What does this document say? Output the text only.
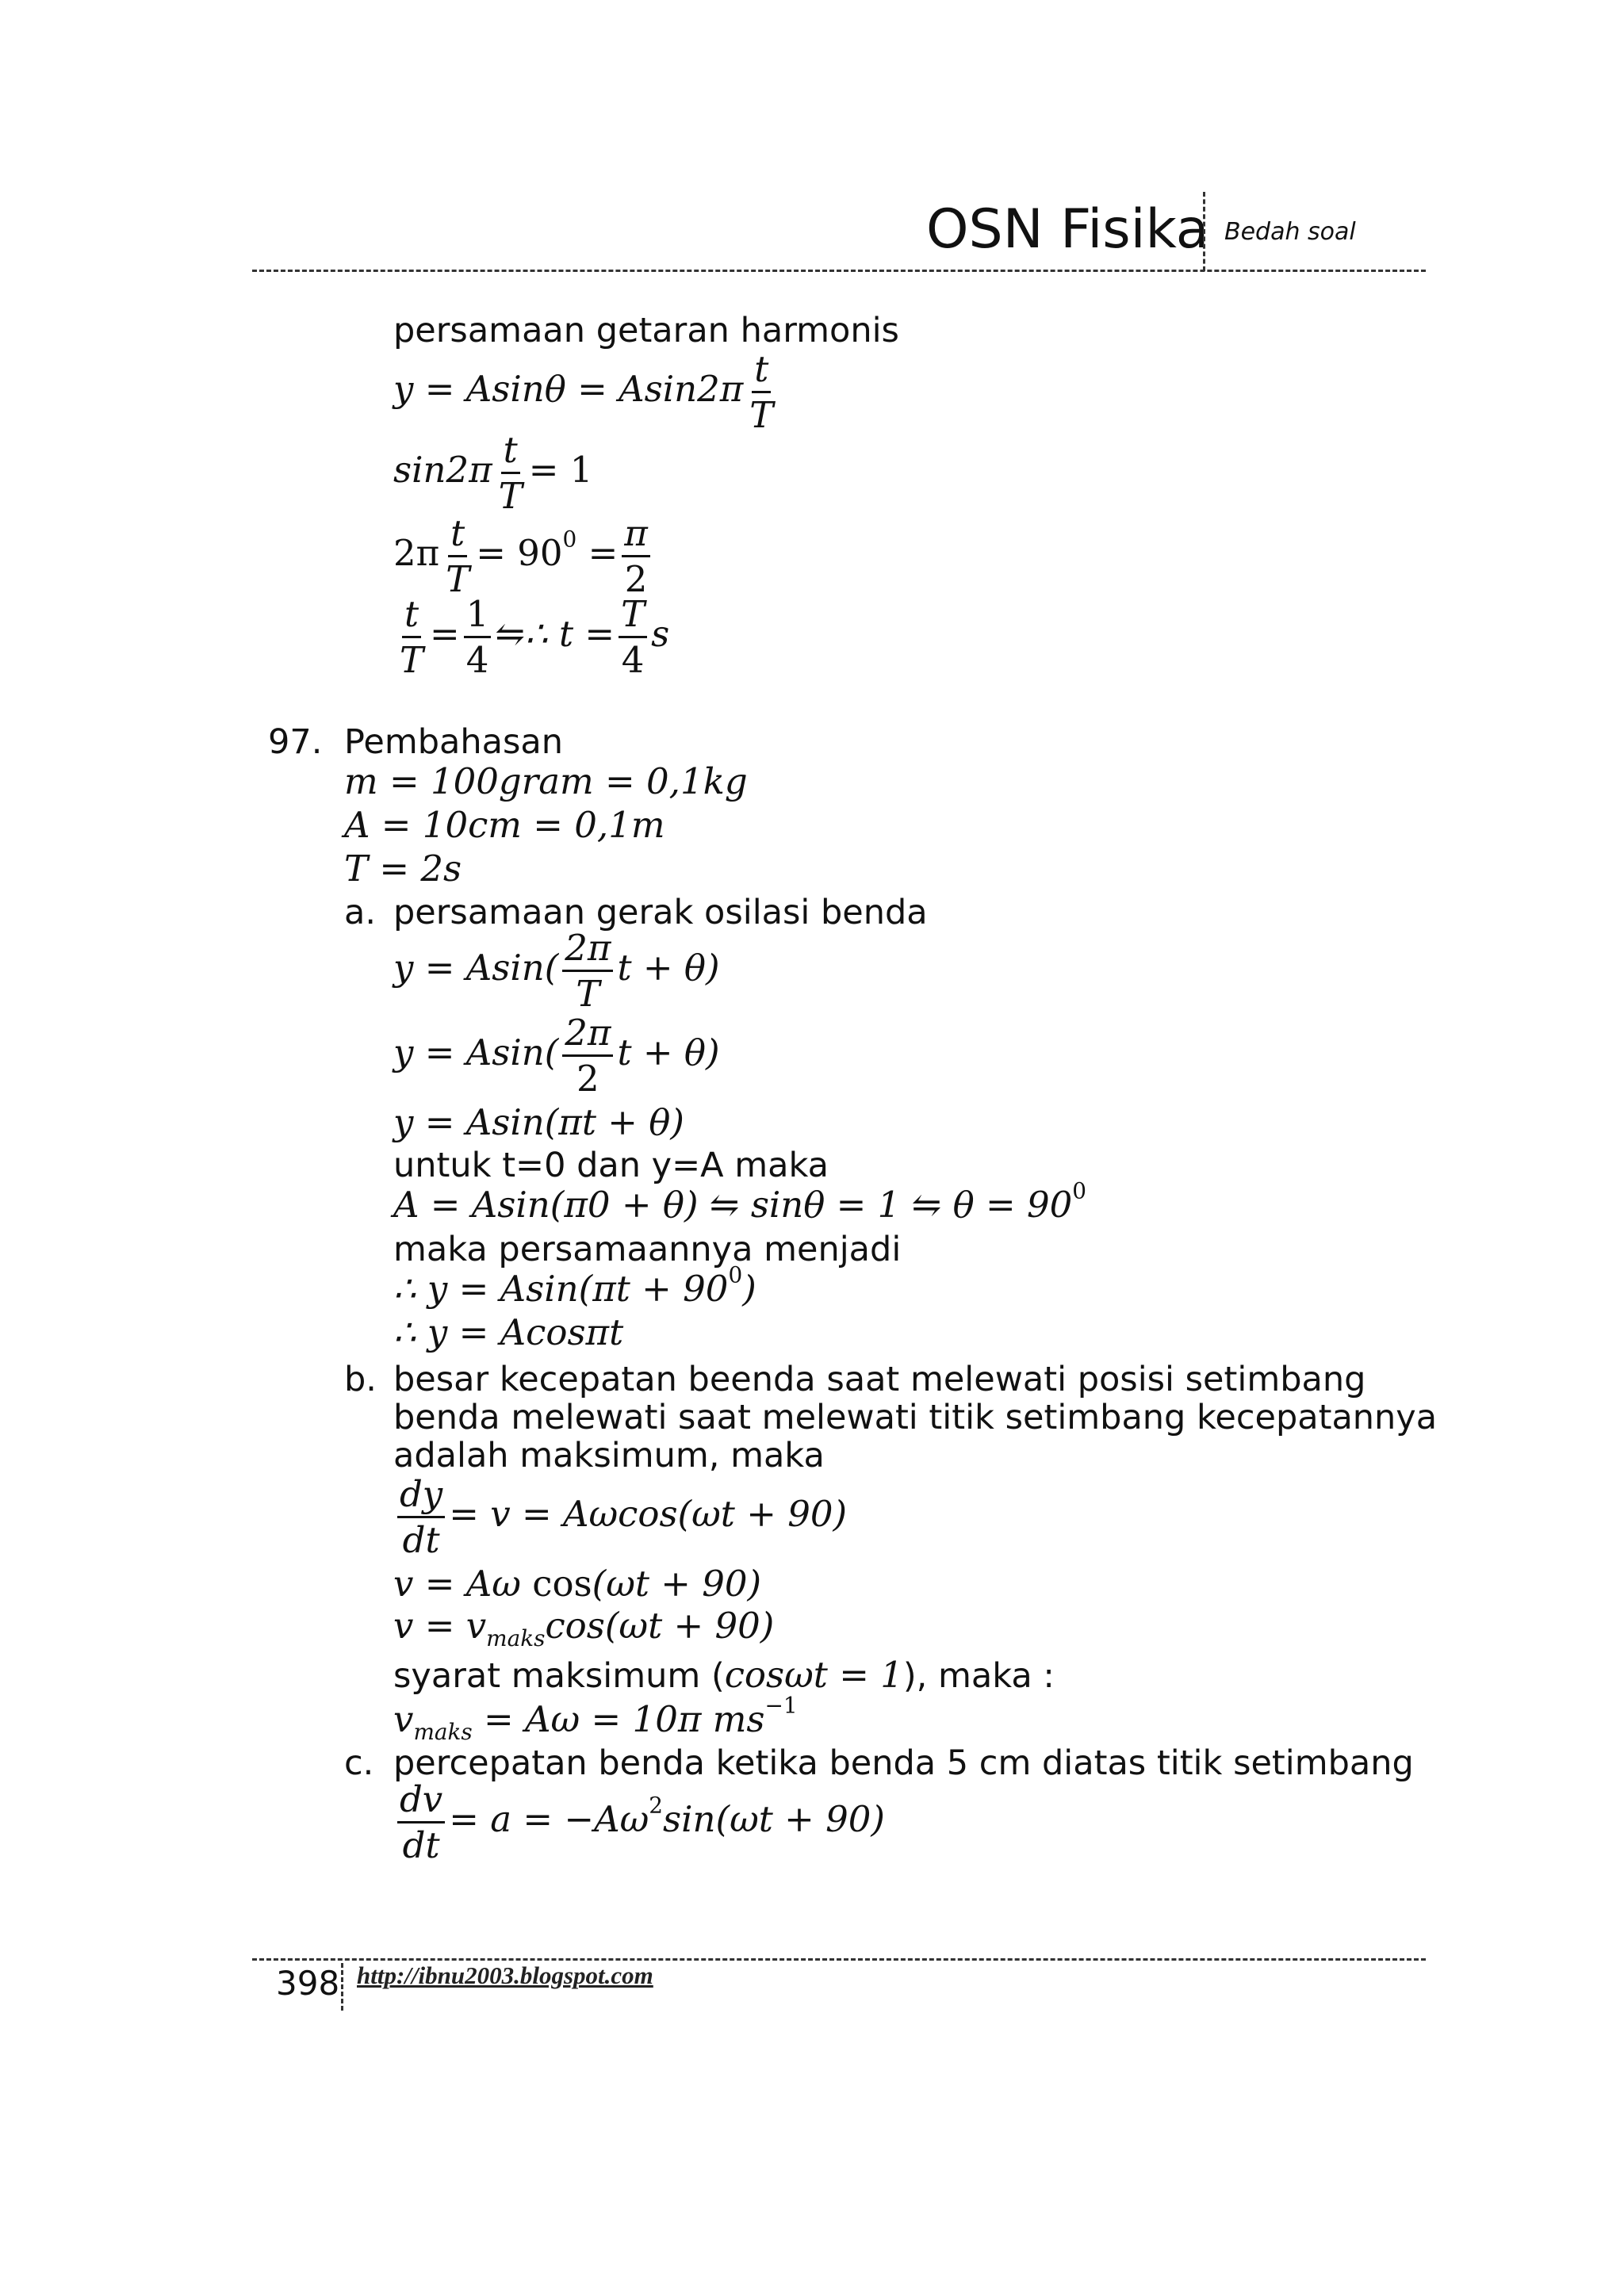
OSN Fisika Bedah soal
persamaan getaran harmonis
$y = Asin\theta = Asin2\pi \frac{t}{T}$
$\sin 2\pi \frac{t}{T} = 1$
$2\pi \frac{t}{T} = 90^0 = \frac{\pi}{2}$
$\frac{t}{T} = \frac{1}{4}$ ⇋∴ $t = \frac{T}{4}$ s
97. Pembahasan
m = 100gram = 0,1kg
A = 10cm = 0,1m
T = 2s
a. persamaan gerak osilasi benda
$y = Asin( \frac{2\pi}{T}$ t + θ)
$y = Asin( \frac{2\pi}{2}$ t + θ)
y = Asin(πt + θ)
untuk t=0 dan y=A maka
A = Asin(π0 + θ) ⇋ sinθ = 1 ⇋ $\theta = 90^0$
maka persamaannya menjadi
∴ $y = Asin(\pi t + 90^0)$
∴ y = Acosπt
b. besar kecepatan beenda saat melewati posisi setimbang
benda melewati saat melewati titik setimbang kecepatannya
adalah maksimum, maka
$\frac{dy}{dt} = v = A\omega\cos(\omega t + 90)$
v = Aω cos(ωt + 90)
$v = v_{maks}\cos(\omega t + 90)$
syarat maksimum (cosωt = 1), maka :
$v_{maks} = A\omega = 10\pi$ $ms^{-1}$
c. percepatan benda ketika benda 5 cm diatas titik setimbang
$\frac{dv}{dt} = a = -A\omega^2\sin(\omega t + 90)$
398 http://ibnu2003.blogspot.com
